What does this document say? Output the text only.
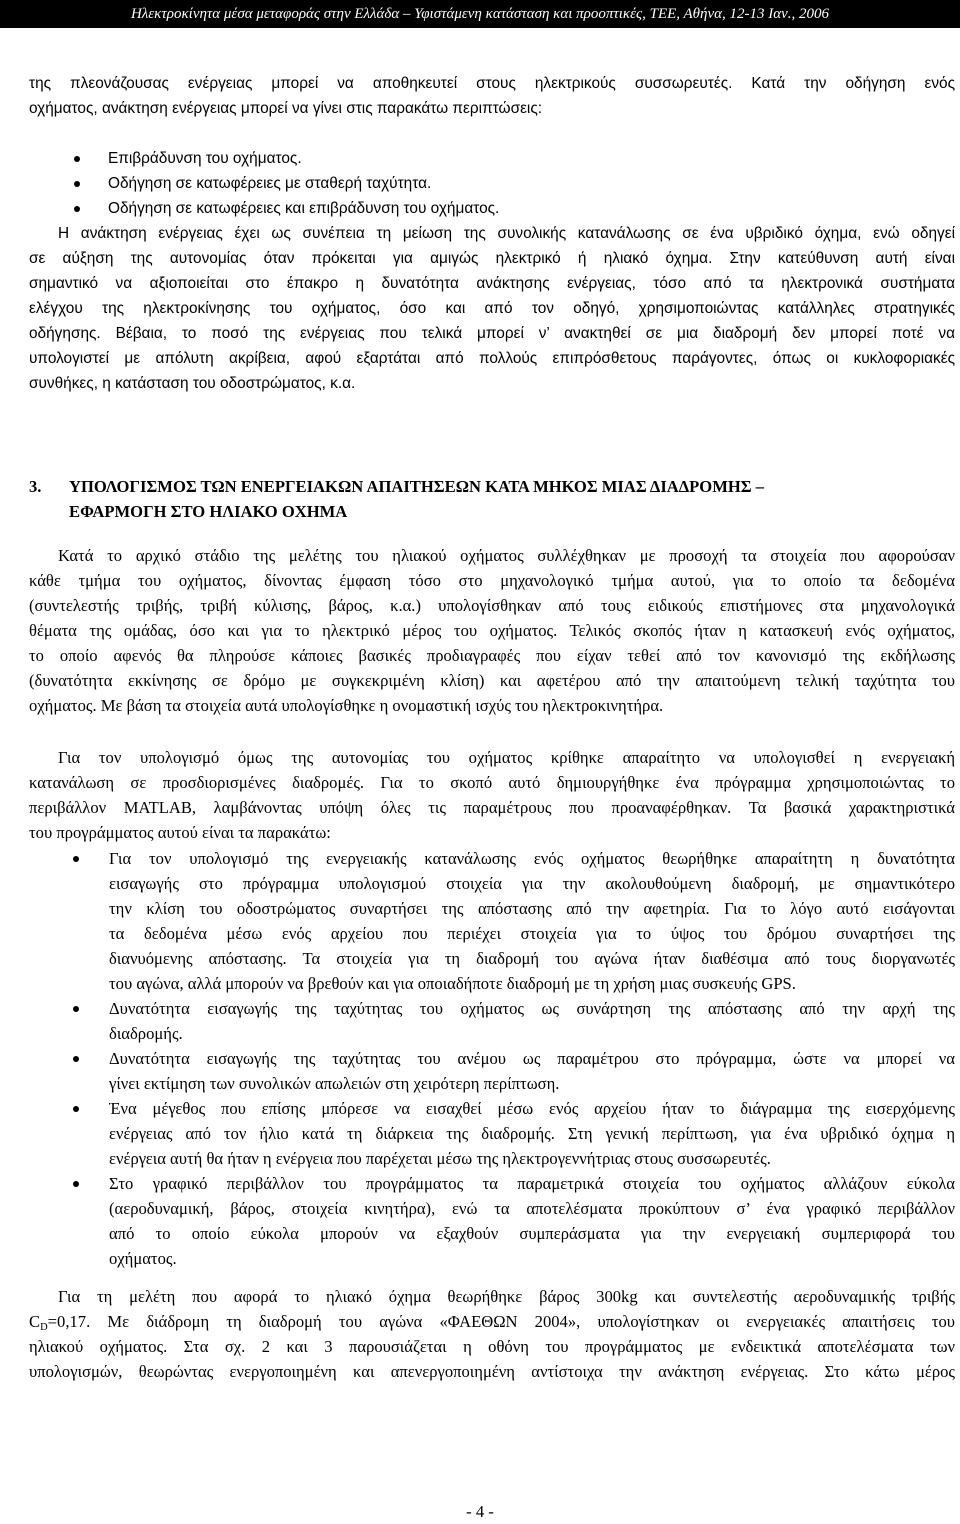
Ηλεκτροκίνητα μέσα μεταφοράς στην Ελλάδα – Υφιστάμενη κατάσταση και προοπτικές, ΤΕΕ, Αθήνα, 12-13 Ιαν., 2006
της πλεονάζουσας ενέργειας μπορεί να αποθηκευτεί στους ηλεκτρικούς συσσωρευτές. Κατά την οδήγηση ενός
οχήματος, ανάκτηση ενέργειας μπορεί να γίνει στις παρακάτω περιπτώσεις:
Επιβράδυνση του οχήματος.
Οδήγηση σε κατωφέρειες με σταθερή ταχύτητα.
Οδήγηση σε κατωφέρειες και επιβράδυνση του οχήματος.
Η ανάκτηση ενέργειας έχει ως συνέπεια τη μείωση της συνολικής κατανάλωσης σε ένα υβριδικό όχημα, ενώ οδηγεί
σε αύξηση της αυτονομίας όταν πρόκειται για αμιγώς ηλεκτρικό ή ηλιακό όχημα. Στην κατεύθυνση αυτή είναι
σημαντικό να αξιοποιείται στο έπακρο η δυνατότητα ανάκτησης ενέργειας, τόσο από τα ηλεκτρονικά συστήματα
ελέγχου της ηλεκτροκίνησης του οχήματος, όσο και από τον οδηγό, χρησιμοποιώντας κατάλληλες στρατηγικές
οδήγησης. Βέβαια, το ποσό της ενέργειας που τελικά μπορεί ν’ ανακτηθεί σε μια διαδρομή δεν μπορεί ποτέ να
υπολογιστεί με απόλυτη ακρίβεια, αφού εξαρτάται από πολλούς επιπρόσθετους παράγοντες, όπως οι κυκλοφοριακές
συνθήκες, η κατάσταση του οδοστρώματος, κ.α.
3. ΥΠΟΛΟΓΙΣΜΟΣ ΤΩΝ ΕΝΕΡΓΕΙΑΚΩΝ ΑΠΑΙΤΗΣΕΩΝ ΚΑΤΑ ΜΗΚΟΣ ΜΙΑΣ ΔΙΑΔΡΟΜΗΣ –
ΕΦΑΡΜΟΓΗ ΣΤΟ ΗΛΙΑΚΟ ΟΧΗΜΑ
Κατά το αρχικό στάδιο της μελέτης του ηλιακού οχήματος συλλέχθηκαν με προσοχή τα στοιχεία που αφορούσαν
κάθε τμήμα του οχήματος, δίνοντας έμφαση τόσο στο μηχανολογικό τμήμα αυτού, για το οποίο τα δεδομένα
(συντελεστής τριβής, τριβή κύλισης, βάρος, κ.α.) υπολογίσθηκαν από τους ειδικούς επιστήμονες στα μηχανολογικά
θέματα της ομάδας, όσο και για το ηλεκτρικό μέρος του οχήματος. Τελικός σκοπός ήταν η κατασκευή ενός οχήματος,
το οποίο αφενός θα πληρούσε κάποιες βασικές προδιαγραφές που είχαν τεθεί από τον κανονισμό της εκδήλωσης
(δυνατότητα εκκίνησης σε δρόμο με συγκεκριμένη κλίση) και αφετέρου από την απαιτούμενη τελική ταχύτητα του
οχήματος. Με βάση τα στοιχεία αυτά υπολογίσθηκε η ονομαστική ισχύς του ηλεκτροκινητήρα.
Για τον υπολογισμό όμως της αυτονομίας του οχήματος κρίθηκε απαραίτητο να υπολογισθεί η ενεργειακή
κατανάλωση σε προσδιορισμένες διαδρομές. Για το σκοπό αυτό δημιουργήθηκε ένα πρόγραμμα χρησιμοποιώντας το
περιβάλλον MATLAB, λαμβάνοντας υπόψη όλες τις παραμέτρους που προαναφέρθηκαν. Τα βασικά χαρακτηριστικά
του προγράμματος αυτού είναι τα παρακάτω:
Για τον υπολογισμό της ενεργειακής κατανάλωσης ενός οχήματος θεωρήθηκε απαραίτητη η δυνατότητα
εισαγωγής στο πρόγραμμα υπολογισμού στοιχεία για την ακολουθούμενη διαδρομή, με σημαντικότερο
την κλίση του οδοστρώματος συναρτήσει της απόστασης από την αφετηρία. Για το λόγο αυτό εισάγονται
τα δεδομένα μέσω ενός αρχείου που περιέχει στοιχεία για το ύψος του δρόμου συναρτήσει της
διανυόμενης απόστασης. Τα στοιχεία για τη διαδρομή του αγώνα ήταν διαθέσιμα από τους διοργανωτές
του αγώνα, αλλά μπορούν να βρεθούν και για οποιαδήποτε διαδρομή με τη χρήση μιας συσκευής GPS.
Δυνατότητα εισαγωγής της ταχύτητας του οχήματος ως συνάρτηση της απόστασης από την αρχή της
διαδρομής.
Δυνατότητα εισαγωγής της ταχύτητας του ανέμου ως παραμέτρου στο πρόγραμμα, ώστε να μπορεί να
γίνει εκτίμηση των συνολικών απωλειών στη χειρότερη περίπτωση.
Ένα μέγεθος που επίσης μπόρεσε να εισαχθεί μέσω ενός αρχείου ήταν το διάγραμμα της εισερχόμενης
ενέργειας από τον ήλιο κατά τη διάρκεια της διαδρομής. Στη γενική περίπτωση, για ένα υβριδικό όχημα η
ενέργεια αυτή θα ήταν η ενέργεια που παρέχεται μέσω της ηλεκτρογεννήτριας στους συσσωρευτές.
Στο γραφικό περιβάλλον του προγράμματος τα παραμετρικά στοιχεία του οχήματος αλλάζουν εύκολα
(αεροδυναμική, βάρος, στοιχεία κινητήρα), ενώ τα αποτελέσματα προκύπτουν σ’ ένα γραφικό περιβάλλον
από το οποίο εύκολα μπορούν να εξαχθούν συμπεράσματα για την ενεργειακή συμπεριφορά του
οχήματος.
Για τη μελέτη που αφορά το ηλιακό όχημα θεωρήθηκε βάρος 300kg και συντελεστής αεροδυναμικής τριβής
$C_D=0,17$. Με διάδρομη τη διαδρομή του αγώνα «ΦΑΕΘΩΝ 2004», υπολογίστηκαν οι ενεργειακές απαιτήσεις του
ηλιακού οχήματος. Στα σχ. 2 και 3 παρουσιάζεται η οθόνη του προγράμματος με ενδεικτικά αποτελέσματα των
υπολογισμών, θεωρώντας ενεργοποιημένη και απενεργοποιημένη αντίστοιχα την ανάκτηση ενέργειας. Στο κάτω μέρος
- 4 -
